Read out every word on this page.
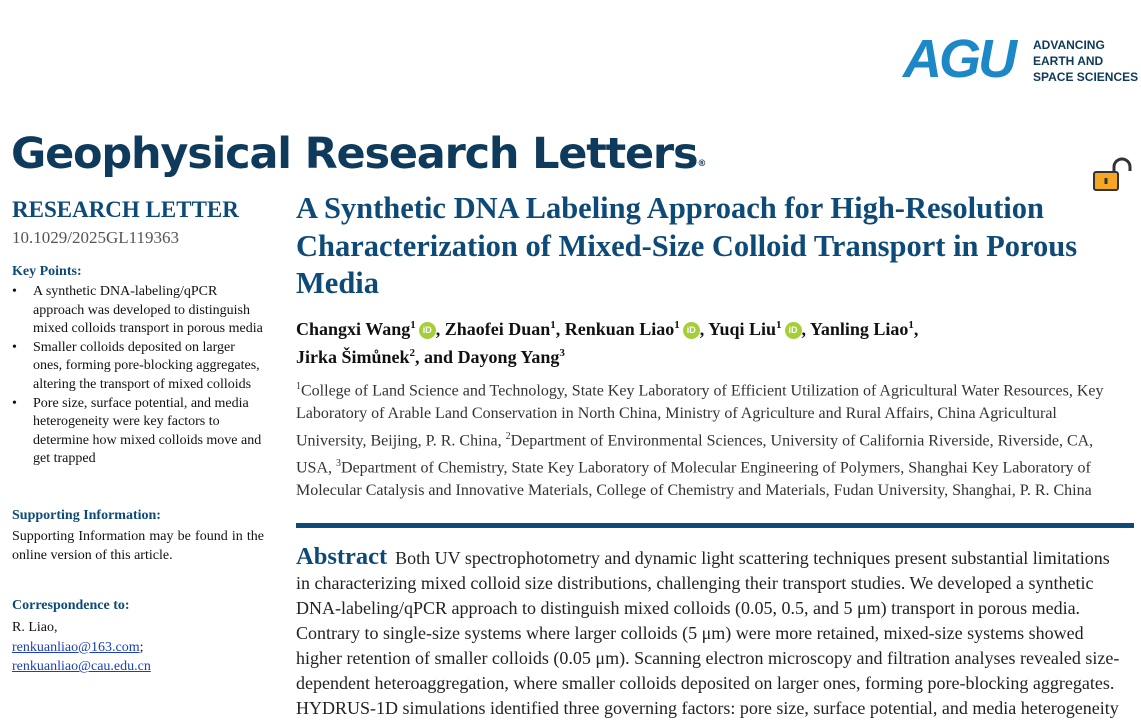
AGU ADVANCING
EARTH AND
SPACE SCIENCES
Geophysical Research Letters®
RESEARCH LETTER
10.1029/2025GL119363
Key Points:
• A synthetic DNA-labeling/qPCR approach was developed to distinguish mixed colloids transport in porous media
• Smaller colloids deposited on larger ones, forming pore-blocking aggregates, altering the transport of mixed colloids
• Pore size, surface potential, and media heterogeneity were key factors to determine how mixed colloids move and get trapped
Supporting Information:
Supporting Information may be found in the online version of this article.
Correspondence to:
R. Liao,
renkuanliao@163.com;
renkuanliao@cau.edu.cn
A Synthetic DNA Labeling Approach for High-Resolution Characterization of Mixed-Size Colloid Transport in Porous Media
Changxi Wang$^1$ iD , Zhaofei Duan$^1$, Renkuan Liao$^1$ iD , Yuqi Liu$^1$ iD , Yanling Liao$^1$,
Jirka Šimůnek$^2$, and Dayong Yang$^3$
$^1$College of Land Science and Technology, State Key Laboratory of Efficient Utilization of Agricultural Water Resources, Key Laboratory of Arable Land Conservation in North China, Ministry of Agriculture and Rural Affairs, China Agricultural University, Beijing, P. R. China, $^2$Department of Environmental Sciences, University of California Riverside, Riverside, CA, USA, $^3$Department of Chemistry, State Key Laboratory of Molecular Engineering of Polymers, Shanghai Key Laboratory of Molecular Catalysis and Innovative Materials, College of Chemistry and Materials, Fudan University, Shanghai, P. R. China
Abstract Both UV spectrophotometry and dynamic light scattering techniques present substantial limitations in characterizing mixed colloid size distributions, challenging their transport studies. We developed a synthetic DNA-labeling/qPCR approach to distinguish mixed colloids (0.05, 0.5, and 5 μm) transport in porous media. Contrary to single-size systems where larger colloids (5 μm) were more retained, mixed-size systems showed higher retention of smaller colloids (0.05 μm). Scanning electron microscopy and filtration analyses revealed size-dependent heteroaggregation, where smaller colloids deposited on larger ones, forming pore-blocking aggregates. HYDRUS-1D simulations identified three governing factors: pore size, surface potential, and media heterogeneity
